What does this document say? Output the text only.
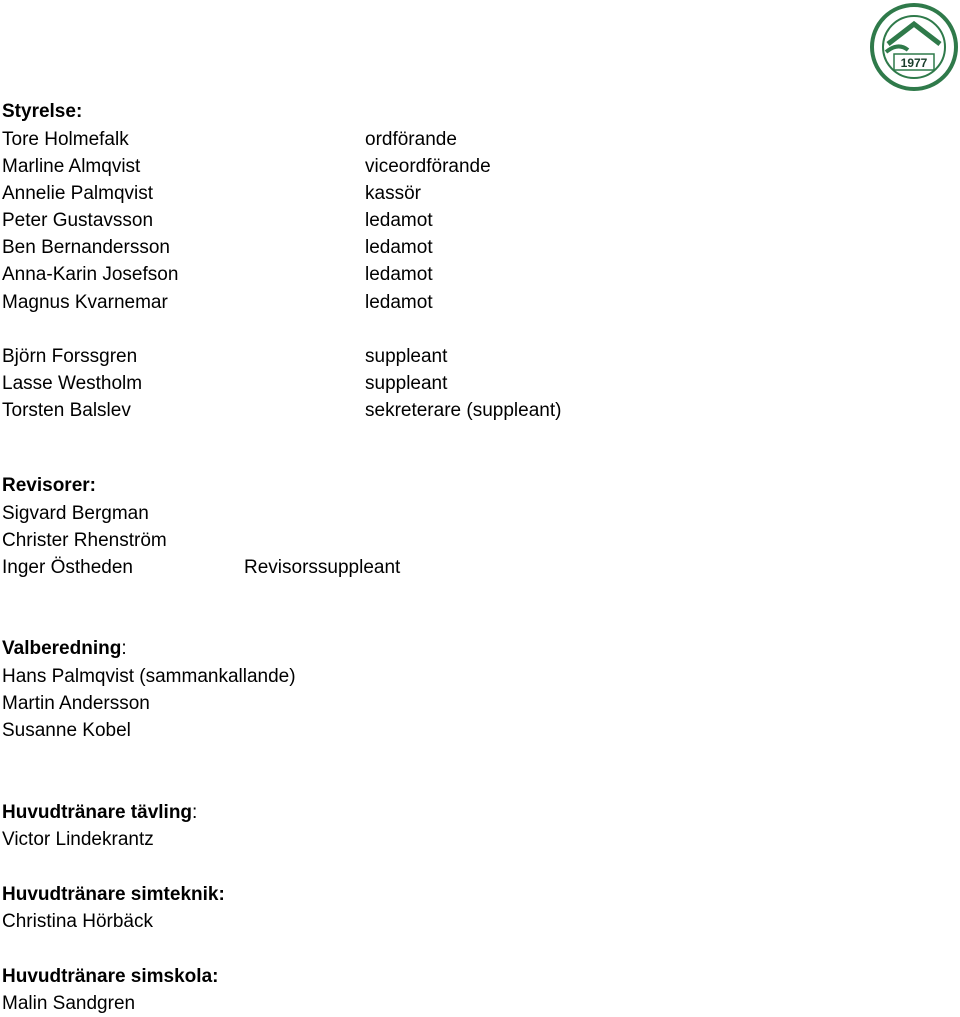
1977
Styrelse:
Tore Holmefalk	ordförande
Marline Almqvist	viceordförande
Annelie Palmqvist	kassör
Peter Gustavsson	ledamot
Ben Bernandersson	ledamot
Anna-Karin Josefson	ledamot
Magnus Kvarnemar	ledamot
Björn Forssgren	suppleant
Lasse Westholm	suppleant
Torsten Balslev	sekreterare (suppleant)
Revisorer:
Sigvard Bergman
Christer Rhenström
Inger Östheden	Revisorssuppleant
Valberedning:
Hans Palmqvist (sammankallande)
Martin Andersson
Susanne Kobel
Huvudtränare tävling:
Victor Lindekrantz
Huvudtränare simteknik:
Christina Hörbäck
Huvudtränare simskola:
Malin Sandgren
